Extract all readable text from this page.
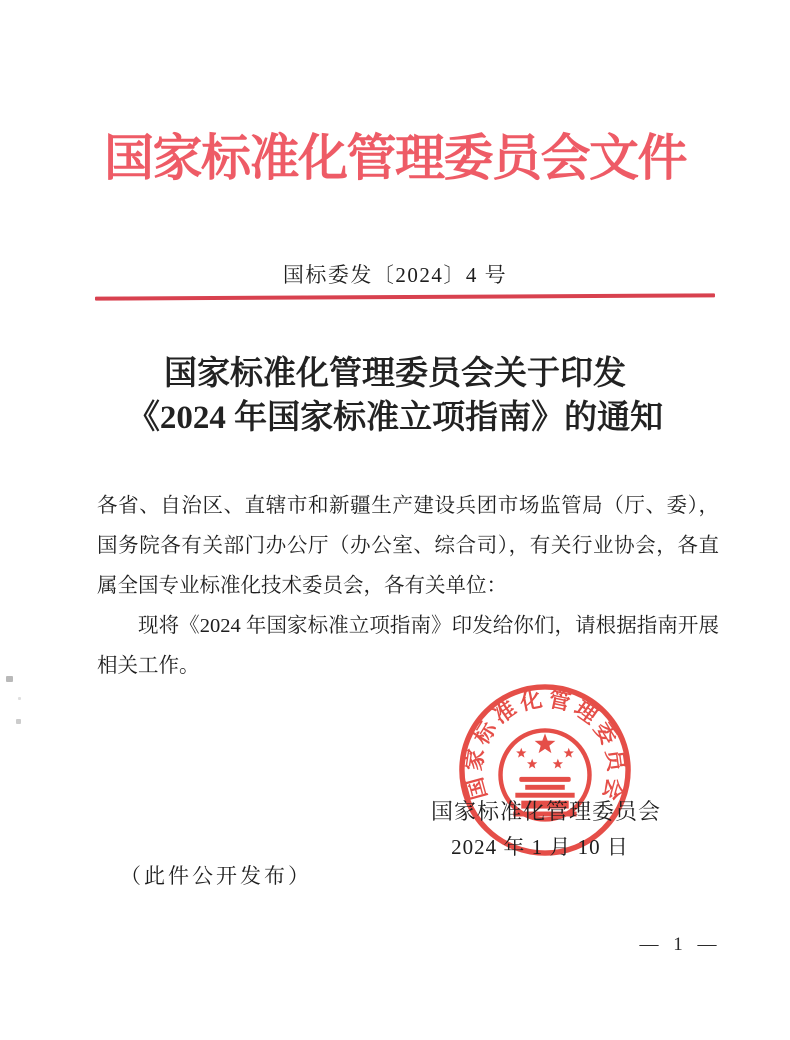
国家标准化管理委员会文件
国标委发〔2024〕4 号
国家标准化管理委员会关于印发
《2024 年国家标准立项指南》的通知

各省、自治区、直辖市和新疆生产建设兵团市场监管局（厅、委），国务院各有关部门办公厅（办公室、综合司），有关行业协会，各直属全国专业标准化技术委员会，各有关单位：

现将《2024 年国家标准立项指南》印发给你们，请根据指南开展相关工作。

国家标准化管理委员会
国家标准化管理委员会
2024 年 1 月 10 日
（此件公开发布）
— 1 —
